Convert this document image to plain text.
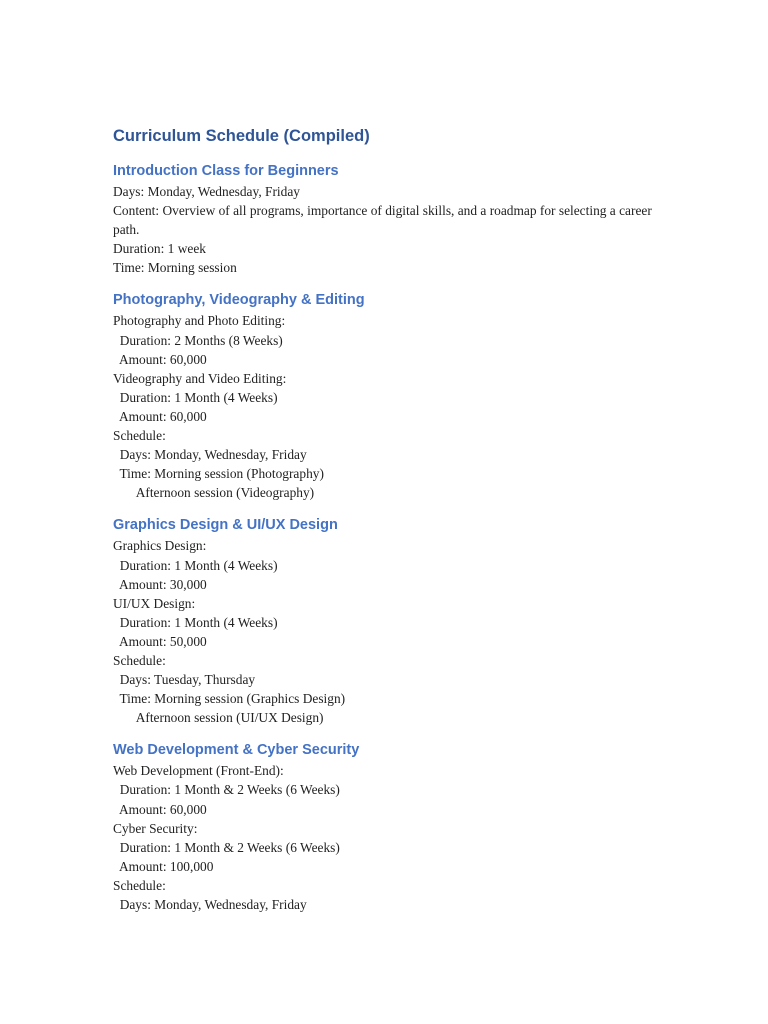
Curriculum Schedule (Compiled)
Introduction Class for Beginners

Days: Monday, Wednesday, Friday

Content: Overview of all programs, importance of digital skills, and a roadmap for selecting a career path.

Duration: 1 week

Time: Morning session

Photography, Videography & Editing

Photography and Photo Editing:

Duration: 2 Months (8 Weeks)

Amount: 60,000

Videography and Video Editing:

Duration: 1 Month (4 Weeks)

Amount: 60,000

Schedule:

Days: Monday, Wednesday, Friday

Time: Morning session (Photography)

Afternoon session (Videography)

Graphics Design & UI/UX Design

Graphics Design:

Duration: 1 Month (4 Weeks)

Amount: 30,000

UI/UX Design:

Duration: 1 Month (4 Weeks)

Amount: 50,000

Schedule:

Days: Tuesday, Thursday

Time: Morning session (Graphics Design)

Afternoon session (UI/UX Design)

Web Development & Cyber Security

Web Development (Front-End):

Duration: 1 Month & 2 Weeks (6 Weeks)

Amount: 60,000

Cyber Security:

Duration: 1 Month & 2 Weeks (6 Weeks)

Amount: 100,000

Schedule:

Days: Monday, Wednesday, Friday
